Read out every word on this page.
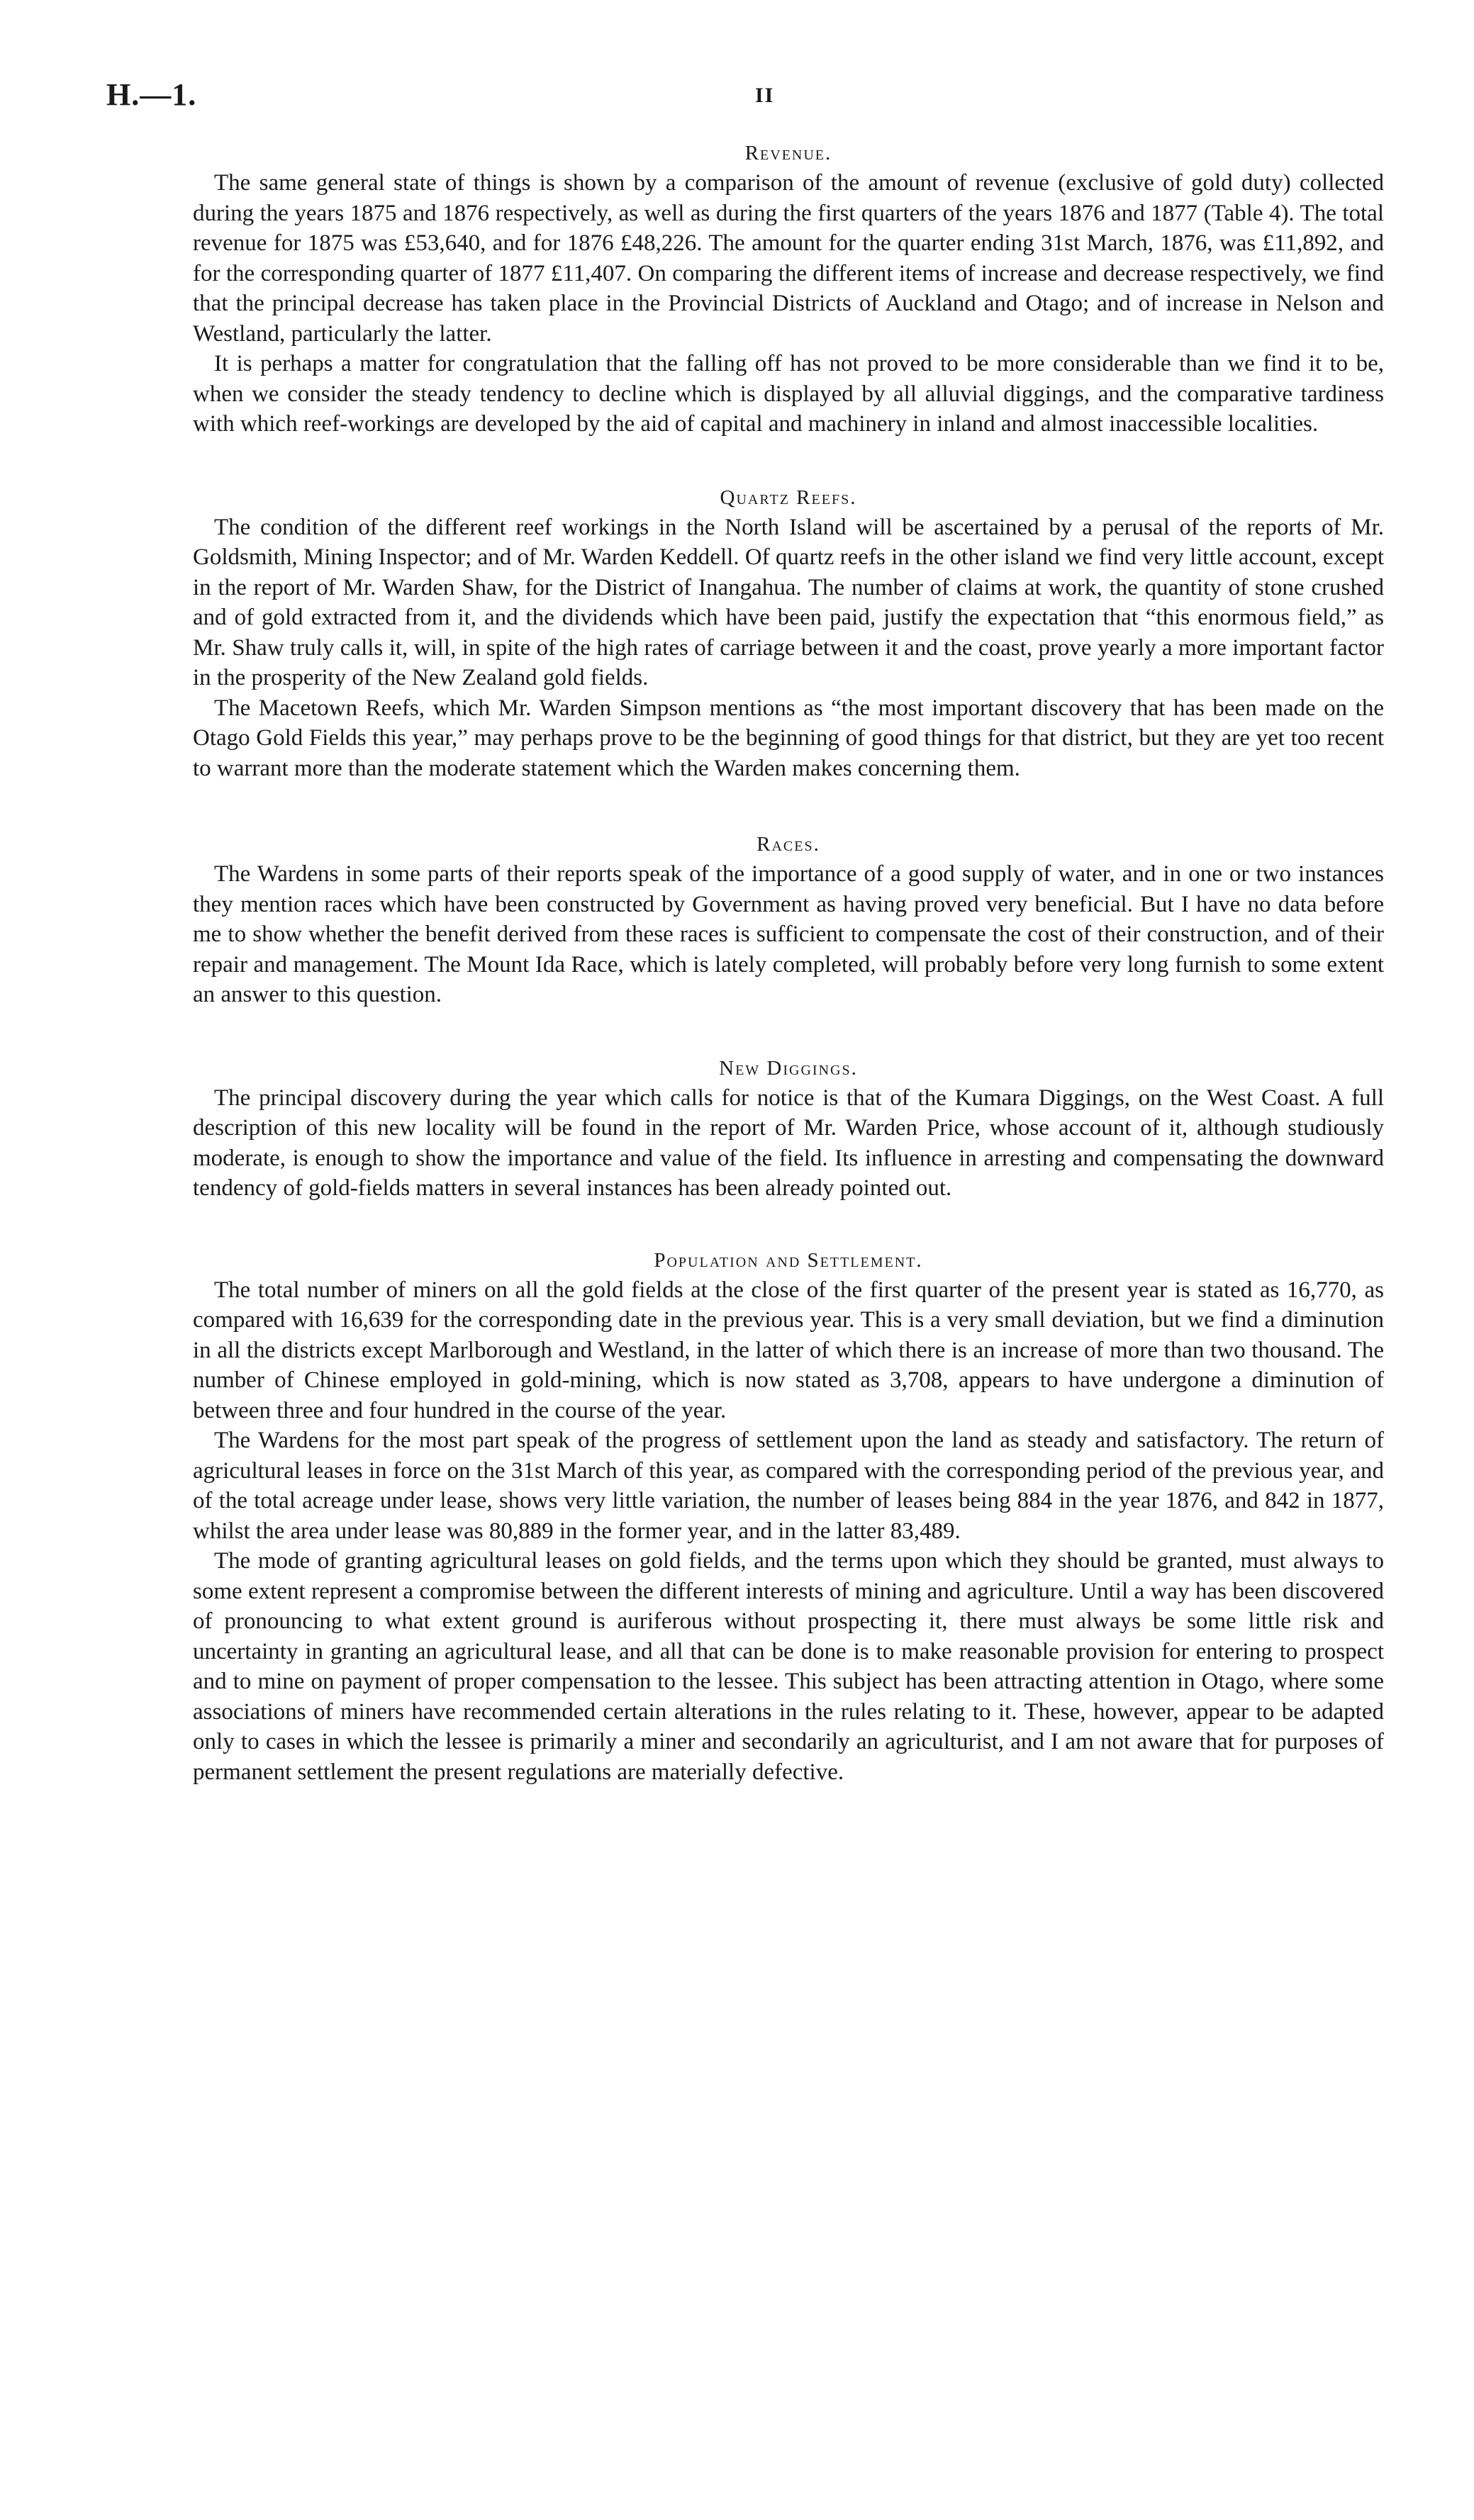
H.—1.	II
Revenue.

The same general state of things is shown by a comparison of the amount of revenue (exclusive of gold duty) collected during the years 1875 and 1876 respectively, as well as during the first quarters of the years 1876 and 1877 (Table 4). The total revenue for 1875 was £53,640, and for 1876 £48,226. The amount for the quarter ending 31st March, 1876, was £11,892, and for the corresponding quarter of 1877 £11,407. On comparing the different items of increase and decrease respectively, we find that the principal decrease has taken place in the Provincial Districts of Auckland and Otago; and of increase in Nelson and Westland, particularly the latter.

It is perhaps a matter for congratulation that the falling off has not proved to be more considerable than we find it to be, when we consider the steady tendency to decline which is displayed by all alluvial diggings, and the comparative tardiness with which reef-workings are developed by the aid of capital and machinery in inland and almost inaccessible localities.

Quartz Reefs.

The condition of the different reef workings in the North Island will be ascertained by a perusal of the reports of Mr. Goldsmith, Mining Inspector; and of Mr. Warden Keddell. Of quartz reefs in the other island we find very little account, except in the report of Mr. Warden Shaw, for the District of Inangahua. The number of claims at work, the quantity of stone crushed and of gold extracted from it, and the dividends which have been paid, justify the expectation that “this enormous field,” as Mr. Shaw truly calls it, will, in spite of the high rates of carriage between it and the coast, prove yearly a more important factor in the prosperity of the New Zealand gold fields.

The Macetown Reefs, which Mr. Warden Simpson mentions as “the most important discovery that has been made on the Otago Gold Fields this year,” may perhaps prove to be the beginning of good things for that district, but they are yet too recent to warrant more than the moderate statement which the Warden makes concerning them.

Races.

The Wardens in some parts of their reports speak of the importance of a good supply of water, and in one or two instances they mention races which have been constructed by Government as having proved very beneficial. But I have no data before me to show whether the benefit derived from these races is sufficient to compensate the cost of their construction, and of their repair and management. The Mount Ida Race, which is lately completed, will probably before very long furnish to some extent an answer to this question.

New Diggings.

The principal discovery during the year which calls for notice is that of the Kumara Diggings, on the West Coast. A full description of this new locality will be found in the report of Mr. Warden Price, whose account of it, although studiously moderate, is enough to show the importance and value of the field. Its influence in arresting and compensating the downward tendency of gold-fields matters in several instances has been already pointed out.

Population and Settlement.

The total number of miners on all the gold fields at the close of the first quarter of the present year is stated as 16,770, as compared with 16,639 for the corresponding date in the previous year. This is a very small deviation, but we find a diminution in all the districts except Marlborough and Westland, in the latter of which there is an increase of more than two thousand. The number of Chinese employed in gold-mining, which is now stated as 3,708, appears to have undergone a diminution of between three and four hundred in the course of the year.

The Wardens for the most part speak of the progress of settlement upon the land as steady and satisfactory. The return of agricultural leases in force on the 31st March of this year, as compared with the corresponding period of the previous year, and of the total acreage under lease, shows very little variation, the number of leases being 884 in the year 1876, and 842 in 1877, whilst the area under lease was 80,889 in the former year, and in the latter 83,489.

The mode of granting agricultural leases on gold fields, and the terms upon which they should be granted, must always to some extent represent a compromise between the different interests of mining and agriculture. Until a way has been discovered of pronouncing to what extent ground is auriferous without prospecting it, there must always be some little risk and uncertainty in granting an agricultural lease, and all that can be done is to make reasonable provision for entering to prospect and to mine on payment of proper compensation to the lessee. This subject has been attracting attention in Otago, where some associations of miners have recommended certain alterations in the rules relating to it. These, however, appear to be adapted only to cases in which the lessee is primarily a miner and secondarily an agriculturist, and I am not aware that for purposes of permanent settlement the present regulations are materially defective.
